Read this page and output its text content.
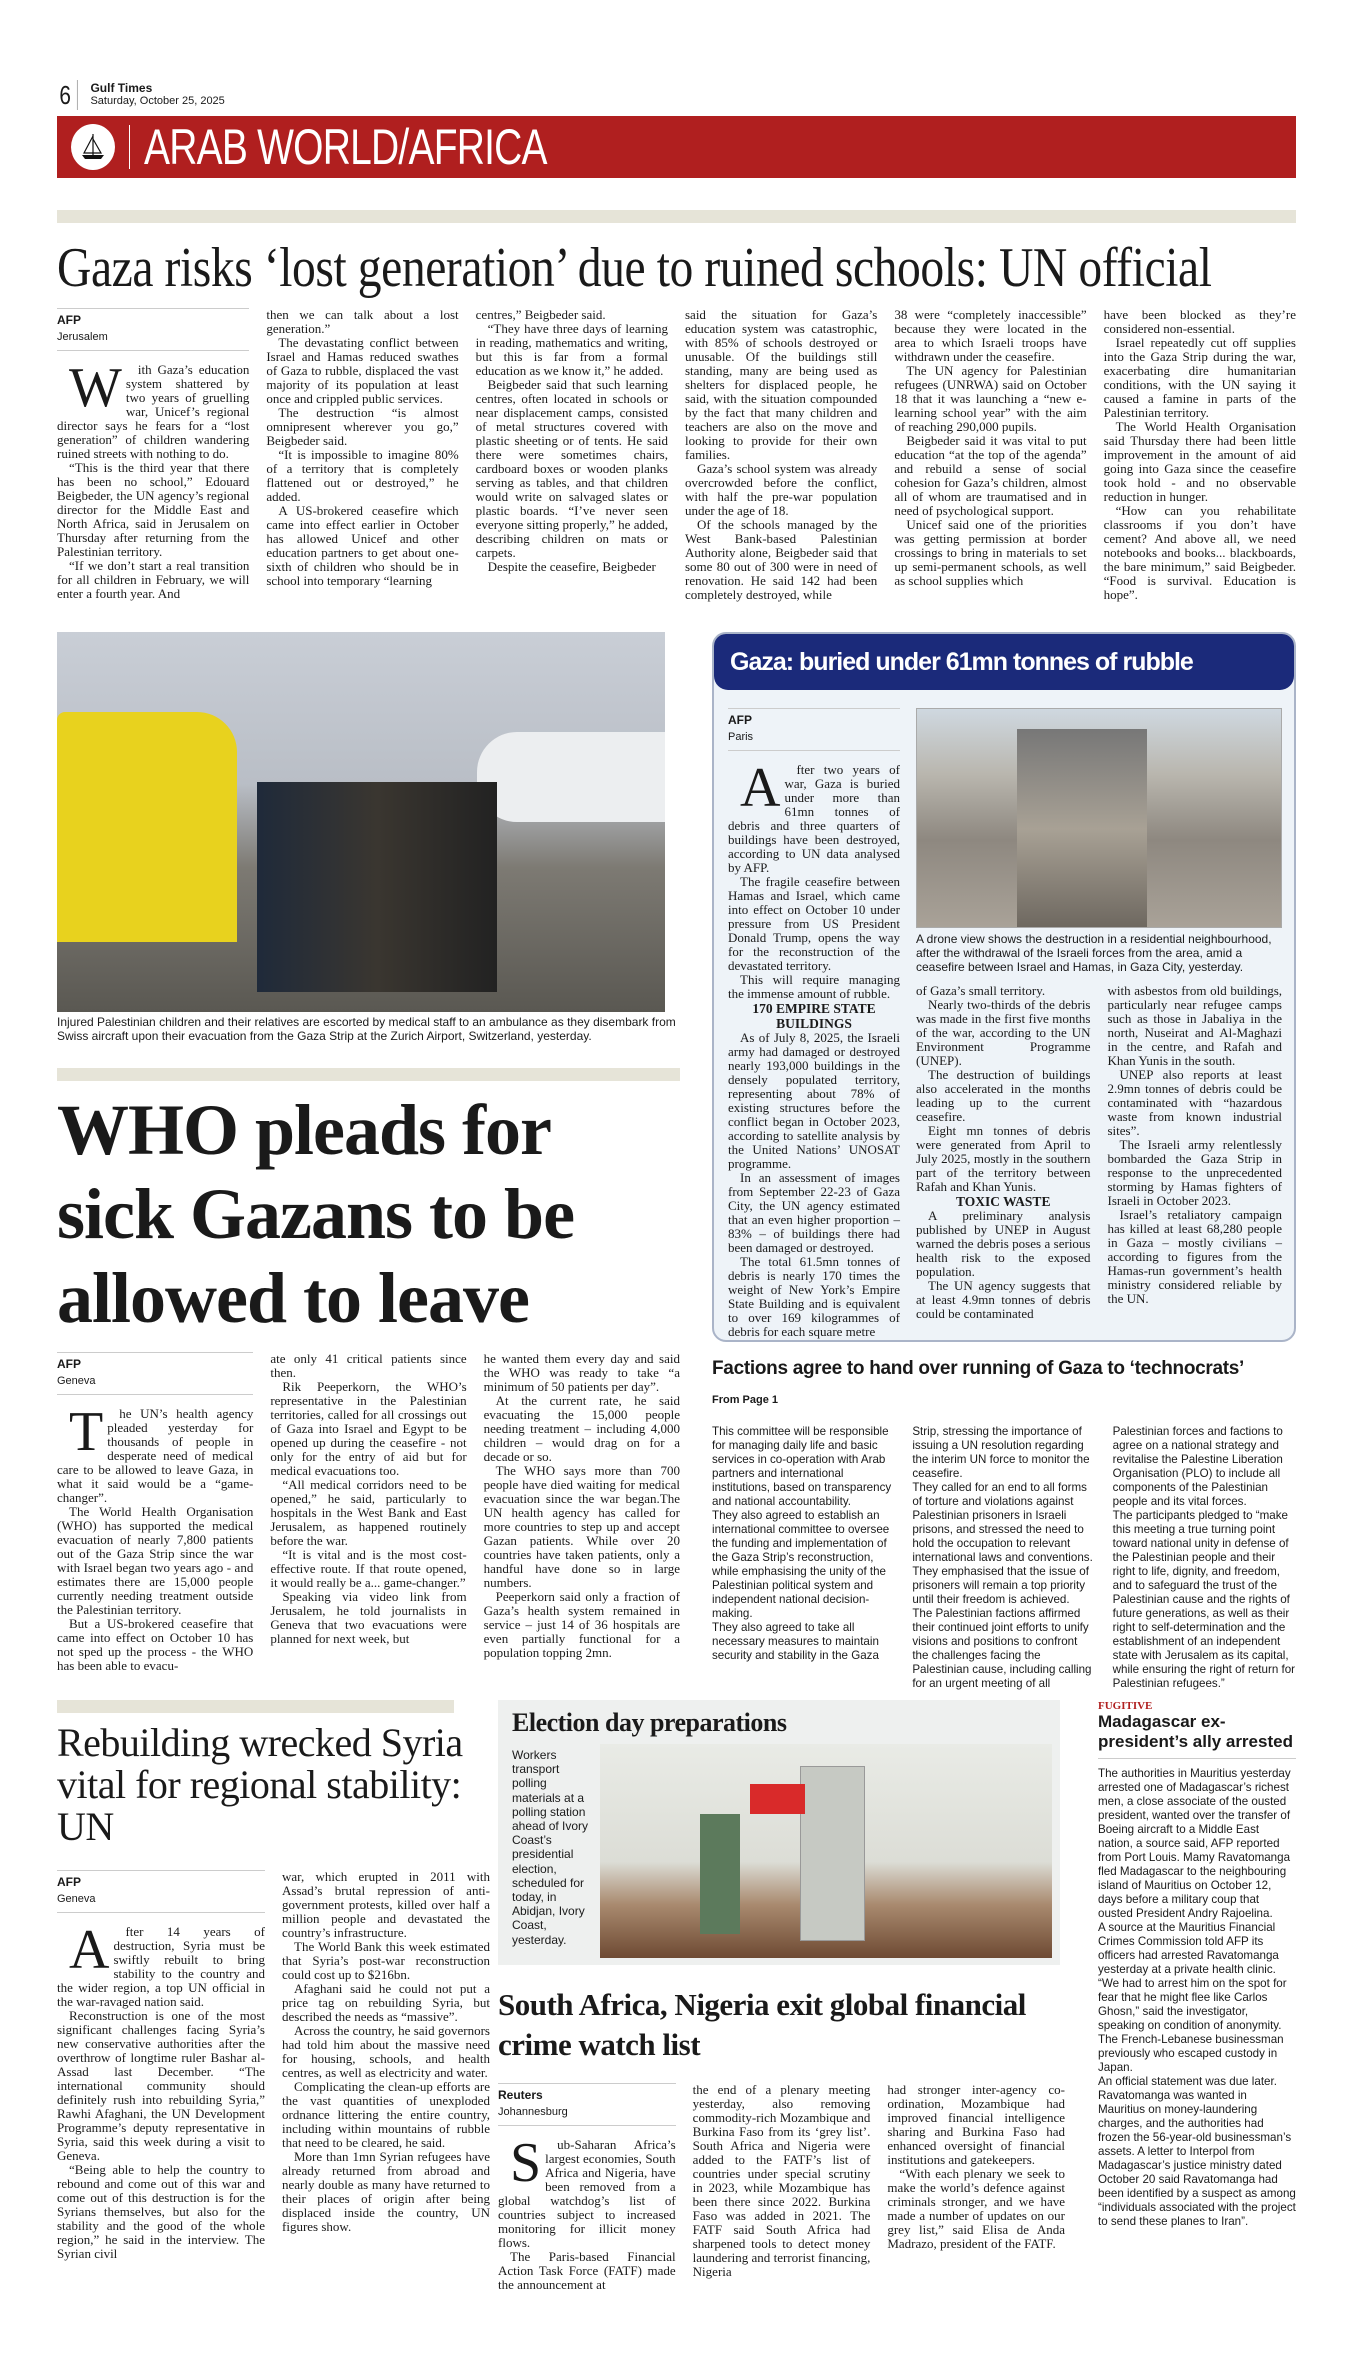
6	Gulf Times
Saturday, October 25, 2025
ARAB WORLD/AFRICA
Gaza risks ‘lost generation’ due to ruined schools: UN official
AFP
Jerusalem

With Gaza’s education system shattered by two years of gruelling war, Unicef’s regional director says he fears for a “lost generation” of children wandering ruined streets with nothing to do.

“This is the third year that there has been no school,” Edouard Beigbeder, the UN agency’s regional director for the Middle East and North Africa, said in Jerusalem on Thursday after returning from the Palestinian territory.

“If we don’t start a real transition for all children in February, we will enter a fourth year. And

then we can talk about a lost generation.”

The devastating conflict between Israel and Hamas reduced swathes of Gaza to rubble, displaced the vast majority of its population at least once and crippled public services.

The destruction “is almost omnipresent wherever you go,” Beigbeder said.

“It is impossible to imagine 80% of a territory that is completely flattened out or destroyed,” he added.

A US-brokered ceasefire which came into effect earlier in October has allowed Unicef and other education partners to get about one-sixth of children who should be in school into temporary “learning

centres,” Beigbeder said.

“They have three days of learning in reading, mathematics and writing, but this is far from a formal education as we know it,” he added.

Beigbeder said that such learning centres, often located in schools or near displacement camps, consisted of metal structures covered with plastic sheeting or of tents. He said there were sometimes chairs, cardboard boxes or wooden planks serving as tables, and that children would write on salvaged slates or plastic boards. “I’ve never seen everyone sitting properly,” he added, describing children on mats or carpets.

Despite the ceasefire, Beigbeder

said the situation for Gaza’s education system was catastrophic, with 85% of schools destroyed or unusable. Of the buildings still standing, many are being used as shelters for displaced people, he said, with the situation compounded by the fact that many children and teachers are also on the move and looking to provide for their own families.

Gaza’s school system was already overcrowded before the conflict, with half the pre-war population under the age of 18.

Of the schools managed by the West Bank-based Palestinian Authority alone, Beigbeder said that some 80 out of 300 were in need of renovation. He said 142 had been completely destroyed, while

38 were “completely inaccessible” because they were located in the area to which Israeli troops have withdrawn under the ceasefire.

The UN agency for Palestinian refugees (UNRWA) said on October 18 that it was launching a “new e-learning school year” with the aim of reaching 290,000 pupils.

Beigbeder said it was vital to put education “at the top of the agenda” and rebuild a sense of social cohesion for Gaza’s children, almost all of whom are traumatised and in need of psychological support.

Unicef said one of the priorities was getting permission at border crossings to bring in materials to set up semi-permanent schools, as well as school supplies which

have been blocked as they’re considered non-essential.

Israel repeatedly cut off supplies into the Gaza Strip during the war, exacerbating dire humanitarian conditions, with the UN saying it caused a famine in parts of the Palestinian territory.

The World Health Organisation said Thursday there had been little improvement in the amount of aid going into Gaza since the ceasefire took hold - and no observable reduction in hunger.

“How can you rehabilitate classrooms if you don’t have cement? And above all, we need notebooks and books... blackboards, the bare minimum,” said Beigbeder. “Food is survival. Education is hope”.

Injured Palestinian children and their relatives are escorted by medical staff to an ambulance as they disembark from Swiss aircraft upon their evacuation from the Gaza Strip at the Zurich Airport, Switzerland, yesterday.
WHO pleads for
sick Gazans to be
allowed to leave
AFP
Geneva

The UN’s health agency pleaded yesterday for thousands of people in desperate need of medical care to be allowed to leave Gaza, in what it said would be a “game-changer”.

The World Health Organisation (WHO) has supported the medical evacuation of nearly 7,800 patients out of the Gaza Strip since the war with Israel began two years ago - and estimates there are 15,000 people currently needing treatment outside the Palestinian territory.

But a US-brokered ceasefire that came into effect on October 10 has not sped up the process - the WHO has been able to evacu-

ate only 41 critical patients since then.

Rik Peeperkorn, the WHO’s representative in the Palestinian territories, called for all crossings out of Gaza into Israel and Egypt to be opened up during the ceasefire - not only for the entry of aid but for medical evacuations too.

“All medical corridors need to be opened,” he said, particularly to hospitals in the West Bank and East Jerusalem, as happened routinely before the war.

“It is vital and is the most cost-effective route. If that route opened, it would really be a... game-changer.”

Speaking via video link from Jerusalem, he told journalists in Geneva that two evacuations were planned for next week, but

he wanted them every day and said the WHO was ready to take “a minimum of 50 patients per day”.

At the current rate, he said evacuating the 15,000 people needing treatment – including 4,000 children – would drag on for a decade or so.

The WHO says more than 700 people have died waiting for medical evacuation since the war began.The UN health agency has called for more countries to step up and accept Gazan patients. While over 20 countries have taken patients, only a handful have done so in large numbers.

Peeperkorn said only a fraction of Gaza’s health system remained in service – just 14 of 36 hospitals are even partially functional for a population topping 2mn.

Gaza: buried under 61mn tonnes of rubble
AFP
Paris

After two years of war, Gaza is buried under more than 61mn tonnes of debris and three quarters of buildings have been destroyed, according to UN data analysed by AFP.

The fragile ceasefire between Hamas and Israel, which came into effect on October 10 under pressure from US President Donald Trump, opens the way for the reconstruction of the devastated territory.

This will require managing the immense amount of rubble.

170 EMPIRE STATE BUILDINGS

As of July 8, 2025, the Israeli army had damaged or destroyed nearly 193,000 buildings in the densely populated territory, representing about 78% of existing structures before the conflict began in October 2023, according to satellite analysis by the United Nations’ UNOSAT programme.

In an assessment of images from September 22-23 of Gaza City, the UN agency estimated that an even higher proportion – 83% – of buildings there had been damaged or destroyed.

The total 61.5mn tonnes of debris is nearly 170 times the weight of New York’s Empire State Building and is equivalent to over 169 kilogrammes of debris for each square metre

A drone view shows the destruction in a residential neighbourhood, after the withdrawal of the Israeli forces from the area, amid a ceasefire between Israel and Hamas, in Gaza City, yesterday.

of Gaza’s small territory.

Nearly two-thirds of the debris was made in the first five months of the war, according to the UN Environment Programme (UNEP).

The destruction of buildings also accelerated in the months leading up to the current ceasefire.

Eight mn tonnes of debris were generated from April to July 2025, mostly in the southern part of the territory between Rafah and Khan Yunis.

TOXIC WASTE

A preliminary analysis published by UNEP in August warned the debris poses a serious health risk to the exposed population.

The UN agency suggests that at least 4.9mn tonnes of debris could be contaminated

with asbestos from old buildings, particularly near refugee camps such as those in Jabaliya in the north, Nuseirat and Al-Maghazi in the centre, and Rafah and Khan Yunis in the south.

UNEP also reports at least 2.9mn tonnes of debris could be contaminated with “hazardous waste from known industrial sites”.

The Israeli army relentlessly bombarded the Gaza Strip in response to the unprecedented storming by Hamas fighters of Israeli in October 2023.

Israel’s retaliatory campaign has killed at least 68,280 people in Gaza – mostly civilians – according to figures from the Hamas-run government’s health ministry considered reliable by the UN.

Factions agree to hand over running of Gaza to ‘technocrats’
From Page 1

This committee will be responsible for managing daily life and basic services in co-operation with Arab partners and international institutions, based on transparency and national accountability.

They also agreed to establish an international committee to oversee the funding and implementation of the Gaza Strip’s reconstruction, while emphasising the unity of the Palestinian political system and independent national decision-making.

They also agreed to take all necessary measures to maintain security and stability in the Gaza

Strip, stressing the importance of issuing a UN resolution regarding the interim UN force to monitor the ceasefire.

They called for an end to all forms of torture and violations against Palestinian prisoners in Israeli prisons, and stressed the need to hold the occupation to relevant international laws and conventions. They emphasised that the issue of prisoners will remain a top priority until their freedom is achieved.

The Palestinian factions affirmed their continued joint efforts to unify visions and positions to confront the challenges facing the Palestinian cause, including calling for an urgent meeting of all

Palestinian forces and factions to agree on a national strategy and revitalise the Palestine Liberation Organisation (PLO) to include all components of the Palestinian people and its vital forces.

The participants pledged to “make this meeting a true turning point toward national unity in defense of the Palestinian people and their right to life, dignity, and freedom, and to safeguard the trust of the Palestinian cause and the rights of future generations, as well as their right to self-determination and the establishment of an independent state with Jerusalem as its capital, while ensuring the right of return for Palestinian refugees.”

Rebuilding wrecked Syria vital for regional stability: UN
AFP
Geneva

After 14 years of destruction, Syria must be swiftly rebuilt to bring stability to the country and the wider region, a top UN official in the war-ravaged nation said.

Reconstruction is one of the most significant challenges facing Syria’s new conservative authorities after the overthrow of longtime ruler Bashar al-Assad last December. “The international community should definitely rush into rebuilding Syria,” Rawhi Afaghani, the UN Development Programme’s deputy representative in Syria, said this week during a visit to Geneva.

“Being able to help the country to rebound and come out of this war and come out of this destruction is for the Syrians themselves, but also for the stability and the good of the whole region,” he said in the interview. The Syrian civil

war, which erupted in 2011 with Assad’s brutal repression of anti-government protests, killed over half a million people and devastated the country’s infrastructure.

The World Bank this week estimated that Syria’s post-war reconstruction could cost up to $216bn.

Afaghani said he could not put a price tag on rebuilding Syria, but described the needs as “massive”.

Across the country, he said governors had told him about the massive need for housing, schools, and health centres, as well as electricity and water.

Complicating the clean-up efforts are the vast quantities of unexploded ordnance littering the entire country, including within mountains of rubble that need to be cleared, he said.

More than 1mn Syrian refugees have already returned from abroad and nearly double as many have returned to their places of origin after being displaced inside the country, UN figures show.

Election day preparations
Workers transport polling materials at a polling station ahead of Ivory Coast’s presidential election, scheduled for today, in Abidjan, Ivory Coast, yesterday.
South Africa, Nigeria exit global financial crime watch list
Reuters
Johannesburg

Sub-Saharan Africa’s largest economies, South Africa and Nigeria, have been removed from a global watchdog’s list of countries subject to increased monitoring for illicit money flows.

The Paris-based Financial Action Task Force (FATF) made the announcement at

the end of a plenary meeting yesterday, also removing commodity-rich Mozambique and Burkina Faso from its ‘grey list’. South Africa and Nigeria were added to the FATF’s list of countries under special scrutiny in 2023, while Mozambique has been there since 2022. Burkina Faso was added in 2021. The FATF said South Africa had sharpened tools to detect money laundering and terrorist financing, Nigeria

had stronger inter-agency co-ordination, Mozambique had improved financial intelligence sharing and Burkina Faso had enhanced oversight of financial institutions and gatekeepers.

“With each plenary we seek to make the world’s defence against criminals stronger, and we have made a number of updates on our grey list,” said Elisa de Anda Madrazo, president of the FATF.

FUGITIVE
Madagascar ex-president’s ally arrested

The authorities in Mauritius yesterday arrested one of Madagascar’s richest men, a close associate of the ousted president, wanted over the transfer of Boeing aircraft to a Middle East nation, a source said, AFP reported from Port Louis. Mamy Ravatomanga fled Madagascar to the neighbouring island of Mauritius on October 12, days before a military coup that ousted President Andry Rajoelina.

A source at the Mauritius Financial Crimes Commission told AFP its officers had arrested Ravatomanga yesterday at a private health clinic.

“We had to arrest him on the spot for fear that he might flee like Carlos Ghosn,” said the investigator, speaking on condition of anonymity. The French-Lebanese businessman previously who escaped custody in Japan.

An official statement was due later.

Ravatomanga was wanted in Mauritius on money-laundering charges, and the authorities had frozen the 56-year-old businessman’s assets. A letter to Interpol from Madagascar’s justice ministry dated October 20 said Ravatomanga had been identified by a suspect as among “individuals associated with the project to send these planes to Iran”.
